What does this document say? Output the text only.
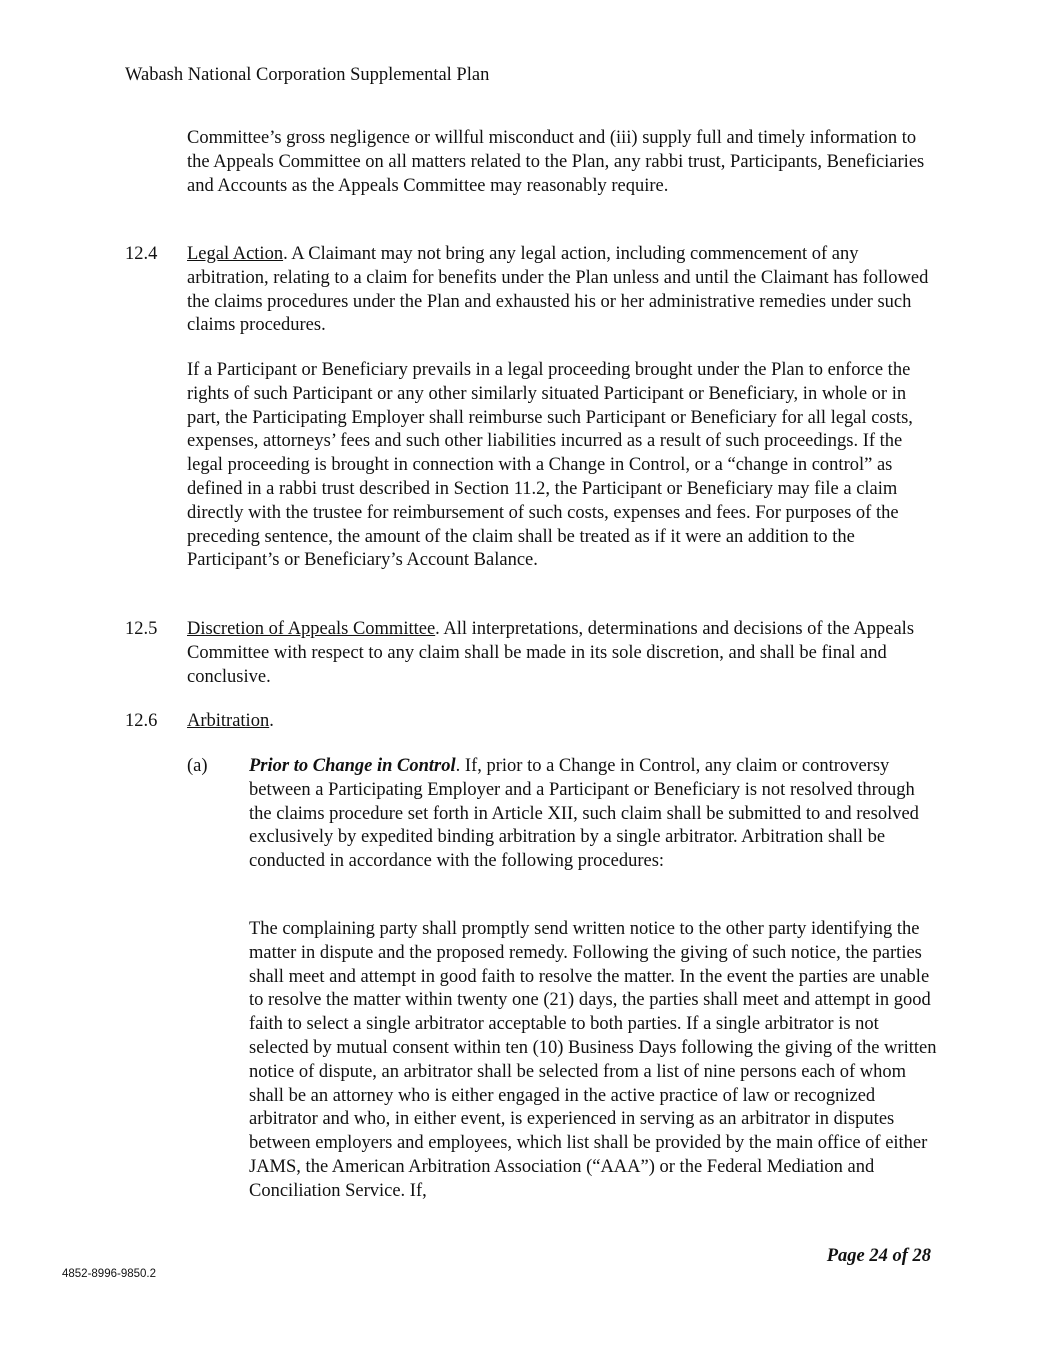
Wabash National Corporation Supplemental Plan

Committee’s gross negligence or willful misconduct and (iii) supply full and timely information to the Appeals Committee on all matters related to the Plan, any rabbi trust, Participants, Beneficiaries and Accounts as the Appeals Committee may reasonably require.

12.4 Legal Action. A Claimant may not bring any legal action, including commencement of any arbitration, relating to a claim for benefits under the Plan unless and until the Claimant has followed the claims procedures under the Plan and exhausted his or her administrative remedies under such claims procedures.

If a Participant or Beneficiary prevails in a legal proceeding brought under the Plan to enforce the rights of such Participant or any other similarly situated Participant or Beneficiary, in whole or in part, the Participating Employer shall reimburse such Participant or Beneficiary for all legal costs, expenses, attorneys’ fees and such other liabilities incurred as a result of such proceedings. If the legal proceeding is brought in connection with a Change in Control, or a “change in control” as defined in a rabbi trust described in Section 11.2, the Participant or Beneficiary may file a claim directly with the trustee for reimbursement of such costs, expenses and fees. For purposes of the preceding sentence, the amount of the claim shall be treated as if it were an addition to the Participant’s or Beneficiary’s Account Balance.

12.5 Discretion of Appeals Committee. All interpretations, determinations and decisions of the Appeals Committee with respect to any claim shall be made in its sole discretion, and shall be final and conclusive.

12.6 Arbitration.

(a) Prior to Change in Control. If, prior to a Change in Control, any claim or controversy between a Participating Employer and a Participant or Beneficiary is not resolved through the claims procedure set forth in Article XII, such claim shall be submitted to and resolved exclusively by expedited binding arbitration by a single arbitrator. Arbitration shall be conducted in accordance with the following procedures:

The complaining party shall promptly send written notice to the other party identifying the matter in dispute and the proposed remedy. Following the giving of such notice, the parties shall meet and attempt in good faith to resolve the matter. In the event the parties are unable to resolve the matter within twenty one (21) days, the parties shall meet and attempt in good faith to select a single arbitrator acceptable to both parties. If a single arbitrator is not selected by mutual consent within ten (10) Business Days following the giving of the written notice of dispute, an arbitrator shall be selected from a list of nine persons each of whom shall be an attorney who is either engaged in the active practice of law or recognized arbitrator and who, in either event, is experienced in serving as an arbitrator in disputes between employers and employees, which list shall be provided by the main office of either JAMS, the American Arbitration Association (“AAA”) or the Federal Mediation and Conciliation Service. If,

Page 24 of 28
4852-8996-9850.2
